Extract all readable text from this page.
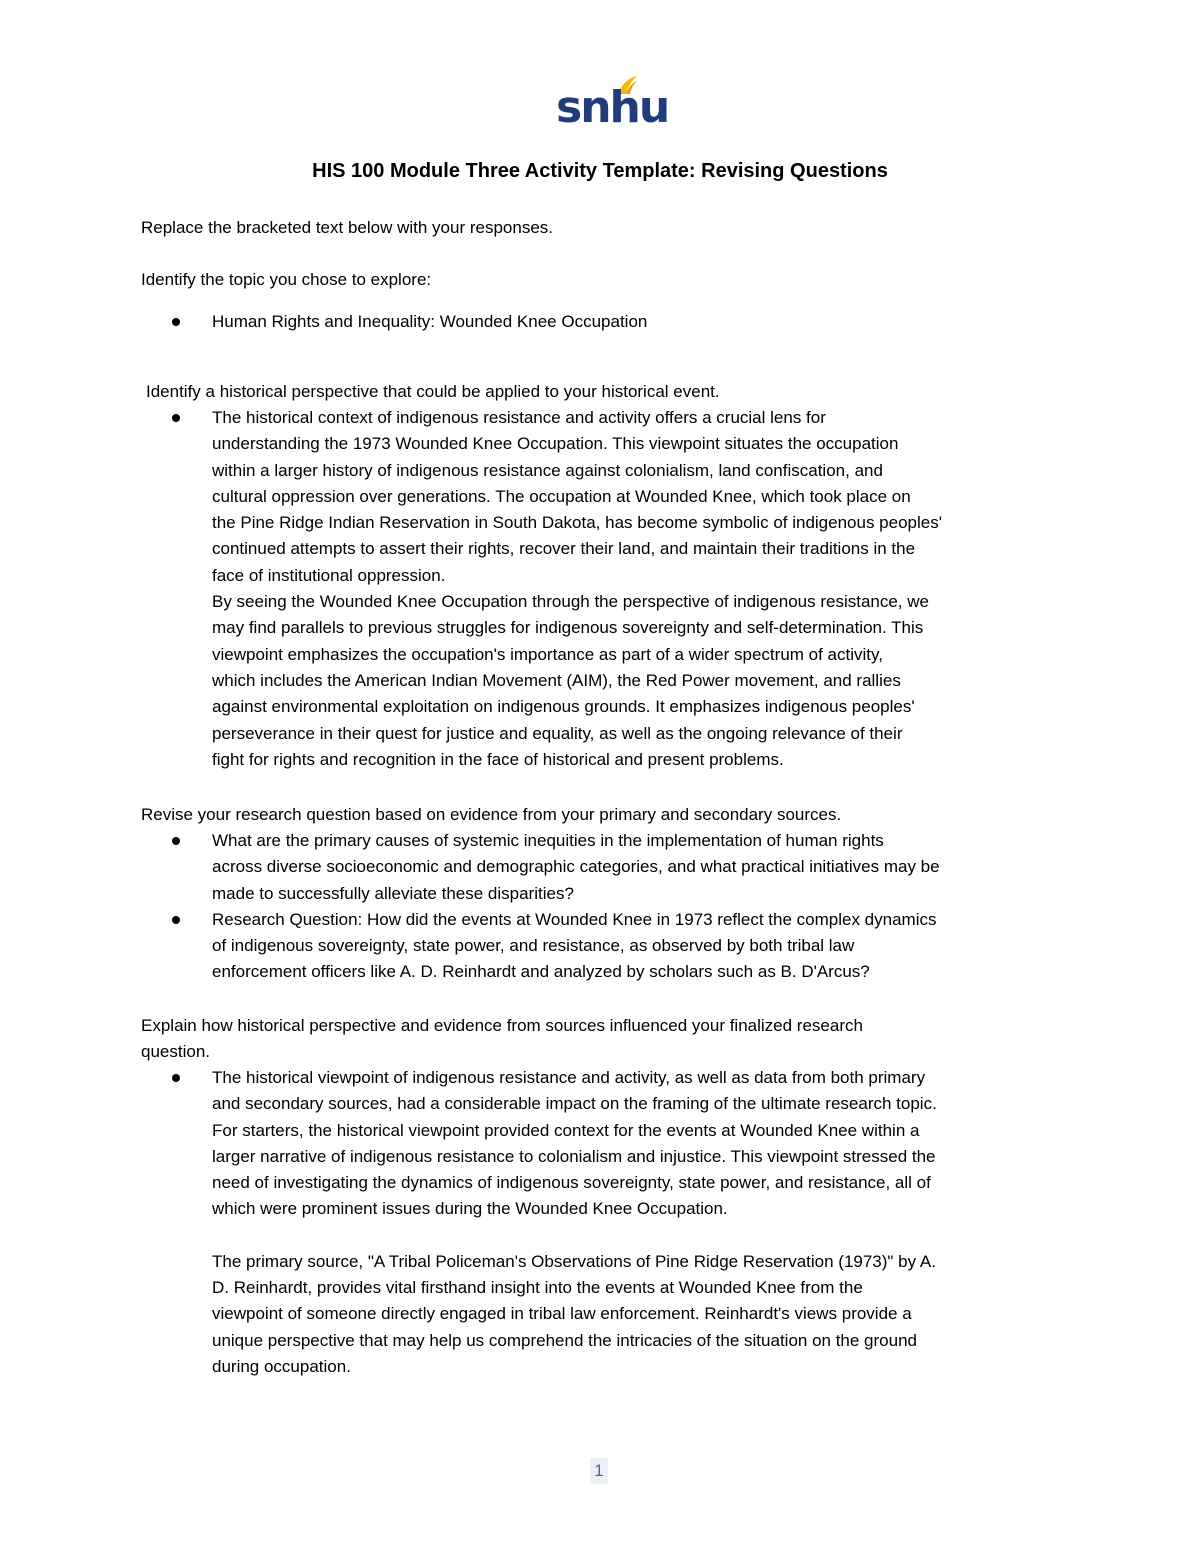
snhu
HIS 100 Module Three Activity Template: Revising Questions
Replace the bracketed text below with your responses.
Identify the topic you chose to explore:
Human Rights and Inequality: Wounded Knee Occupation
Identify a historical perspective that could be applied to your historical event.
The historical context of indigenous resistance and activity offers a crucial lens for
understanding the 1973 Wounded Knee Occupation. This viewpoint situates the occupation
within a larger history of indigenous resistance against colonialism, land confiscation, and
cultural oppression over generations. The occupation at Wounded Knee, which took place on
the Pine Ridge Indian Reservation in South Dakota, has become symbolic of indigenous peoples'
continued attempts to assert their rights, recover their land, and maintain their traditions in the
face of institutional oppression.
By seeing the Wounded Knee Occupation through the perspective of indigenous resistance, we
may find parallels to previous struggles for indigenous sovereignty and self-determination. This
viewpoint emphasizes the occupation's importance as part of a wider spectrum of activity,
which includes the American Indian Movement (AIM), the Red Power movement, and rallies
against environmental exploitation on indigenous grounds. It emphasizes indigenous peoples'
perseverance in their quest for justice and equality, as well as the ongoing relevance of their
fight for rights and recognition in the face of historical and present problems.
Revise your research question based on evidence from your primary and secondary sources.
What are the primary causes of systemic inequities in the implementation of human rights
across diverse socioeconomic and demographic categories, and what practical initiatives may be
made to successfully alleviate these disparities?
Research Question: How did the events at Wounded Knee in 1973 reflect the complex dynamics
of indigenous sovereignty, state power, and resistance, as observed by both tribal law
enforcement officers like A. D. Reinhardt and analyzed by scholars such as B. D'Arcus?
Explain how historical perspective and evidence from sources influenced your finalized research
question.
The historical viewpoint of indigenous resistance and activity, as well as data from both primary
and secondary sources, had a considerable impact on the framing of the ultimate research topic.
For starters, the historical viewpoint provided context for the events at Wounded Knee within a
larger narrative of indigenous resistance to colonialism and injustice. This viewpoint stressed the
need of investigating the dynamics of indigenous sovereignty, state power, and resistance, all of
which were prominent issues during the Wounded Knee Occupation.
The primary source, "A Tribal Policeman's Observations of Pine Ridge Reservation (1973)" by A.
D. Reinhardt, provides vital firsthand insight into the events at Wounded Knee from the
viewpoint of someone directly engaged in tribal law enforcement. Reinhardt's views provide a
unique perspective that may help us comprehend the intricacies of the situation on the ground
during occupation.
1
